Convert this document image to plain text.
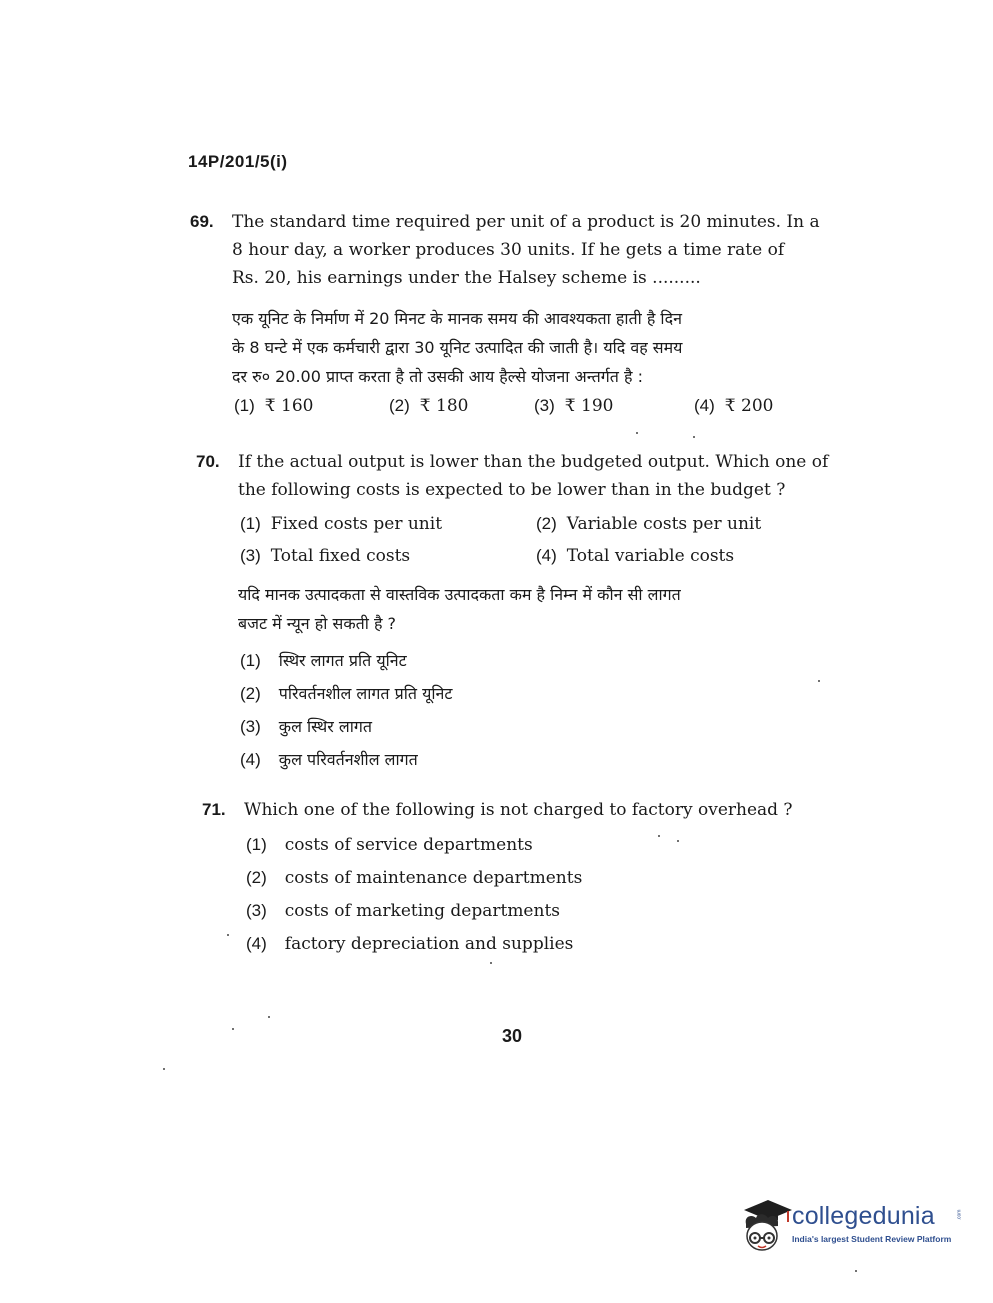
14P/201/5(i)
69. The standard time required per unit of a product is 20 minutes. In a
8 hour day, a worker produces 30 units. If he gets a time rate of
Rs. 20, his earnings under the Halsey scheme is .........
एक यूनिट के निर्माण में 20 मिनट के मानक समय की आवश्यकता हाती है दिन
के 8 घन्टे में एक कर्मचारी द्वारा 30 यूनिट उत्पादित की जाती है। यदि वह समय
दर रु० 20.00 प्राप्त करता है तो उसकी आय हैल्से योजना अन्तर्गत है :
(1) ₹ 160	(2) ₹ 180	(3) ₹ 190	(4) ₹ 200
70. If the actual output is lower than the budgeted output. Which one of
the following costs is expected to be lower than in the budget ?
(1) Fixed costs per unit	(2) Variable costs per unit
(3) Total fixed costs	(4) Total variable costs
यदि मानक उत्पादकता से वास्तविक उत्पादकता कम है निम्न में कौन सी लागत
बजट में न्यून हो सकती है ?
(1) स्थिर लागत प्रति यूनिट
(2) परिवर्तनशील लागत प्रति यूनिट
(3) कुल स्थिर लागत
(4) कुल परिवर्तनशील लागत
71. Which one of the following is not charged to factory overhead ?
(1) costs of service departments
(2) costs of maintenance departments
(3) costs of marketing departments
(4) factory depreciation and supplies
30
collegedunia	.com
India's largest Student Review Platform
